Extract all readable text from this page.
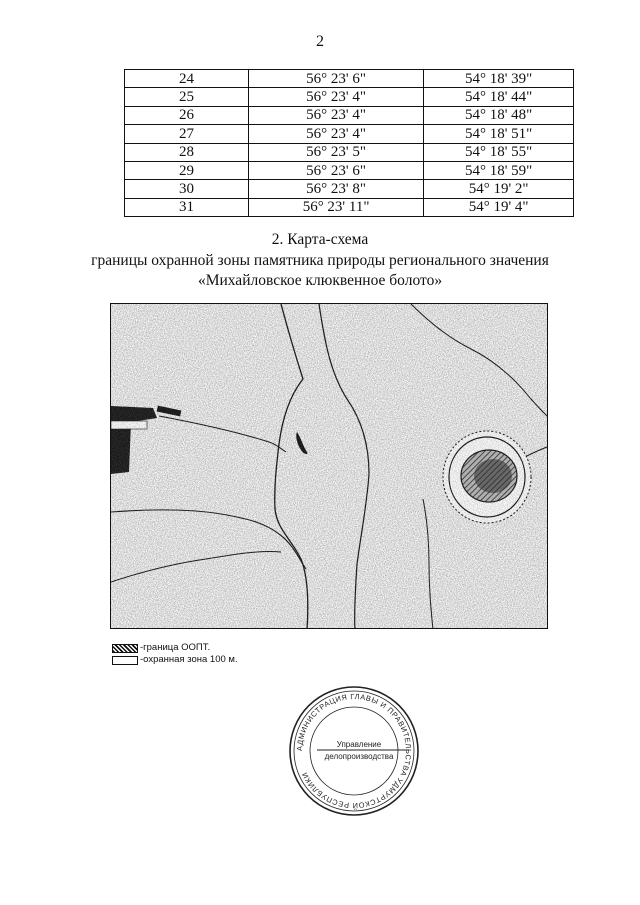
2
24	56° 23' 6"	54° 18' 39"
25	56° 23' 4"	54° 18' 44"
26	56° 23' 4"	54° 18' 48"
27	56° 23' 4"	54° 18' 51"
28	56° 23' 5"	54° 18' 55"
29	56° 23' 6"	54° 18' 59"
30	56° 23' 8"	54° 19' 2"
31	56° 23' 11"	54° 19' 4"
2. Карта-схема
границы охранной зоны памятника природы регионального значения
«Михайловское клюквенное болото»
-граница ООПТ.
-охранная зона 100 м.
АДМИНИСТРАЦИЯ ГЛАВЫ И ПРАВИТЕЛЬСТВА УДМУРТСКОЙ РЕСПУБЛИКИ
Управление
делопроизводства
